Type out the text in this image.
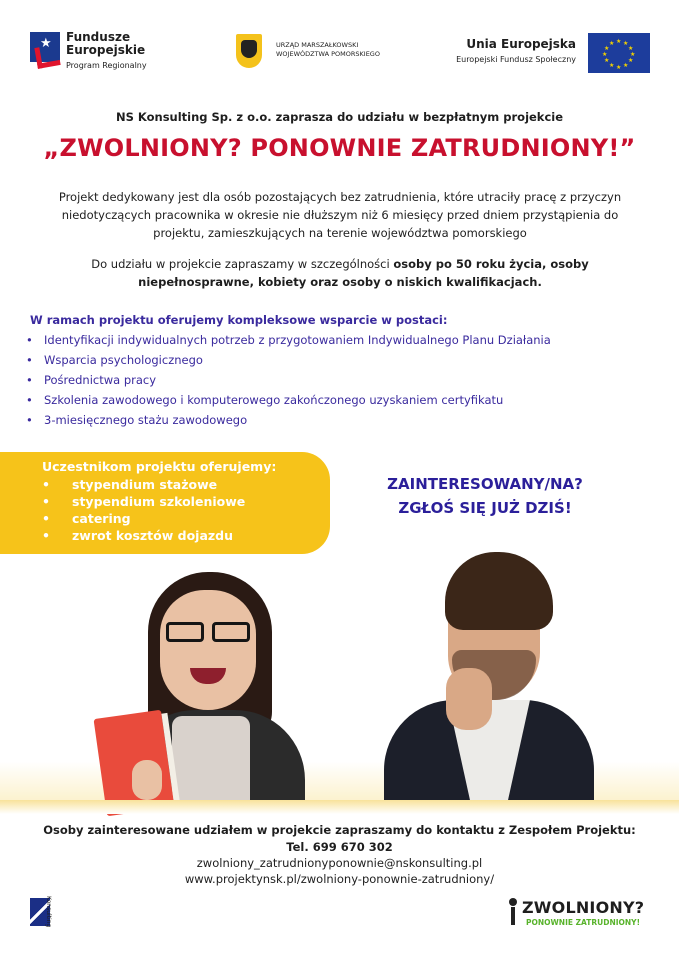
★ Fundusze
Europejskie
Program Regionalny
URZĄD MARSZAŁKOWSKI
WOJEWÓDZTWA POMORSKIEGO
Unia Europejska
Europejski Fundusz Społeczny
★ ★
★
★
★
★
★
★
★
★
★
★
NS Konsulting Sp. z o.o. zaprasza do udziału w bezpłatnym projekcie
„ZWOLNIONY? PONOWNIE ZATRUDNIONY!”
Projekt dedykowany jest dla osób pozostających bez zatrudnienia, które utraciły pracę z przyczyn niedotyczących pracownika w okresie nie dłuższym niż 6 miesięcy przed dniem przystąpienia do projektu, zamieszkujących na terenie województwa pomorskiego
Do udziału w projekcie zapraszamy w szczególności osoby po 50 roku życia, osoby niepełnosprawne, kobiety oraz osoby o niskich kwalifikacjach.
W ramach projektu oferujemy kompleksowe wsparcie w postaci:
• Identyfikacji indywidualnych potrzeb z przygotowaniem Indywidualnego Planu Działania
• Wsparcia psychologicznego
• Pośrednictwa pracy
• Szkolenia zawodowego i komputerowego zakończonego uzyskaniem certyfikatu
• 3-miesięcznego stażu zawodowego
Uczestnikom projektu oferujemy:
• stypendium stażowe
• stypendium szkoleniowe
• catering
• zwrot kosztów dojazdu
ZAINTERESOWANY/NA?
ZGŁOŚ SIĘ JUŻ DZIŚ!
Osoby zainteresowane udziałem w projekcie zapraszamy do kontaktu z Zespołem Projektu:
Tel. 699 670 302
zwolniony_zatrudnionyponownie@nskonsulting.pl
www.projektynsk.pl/zwolniony-ponownie-zatrudniony/
Konsulting	ZWOLNIONY?
PONOWNIE ZATRUDNIONY!
